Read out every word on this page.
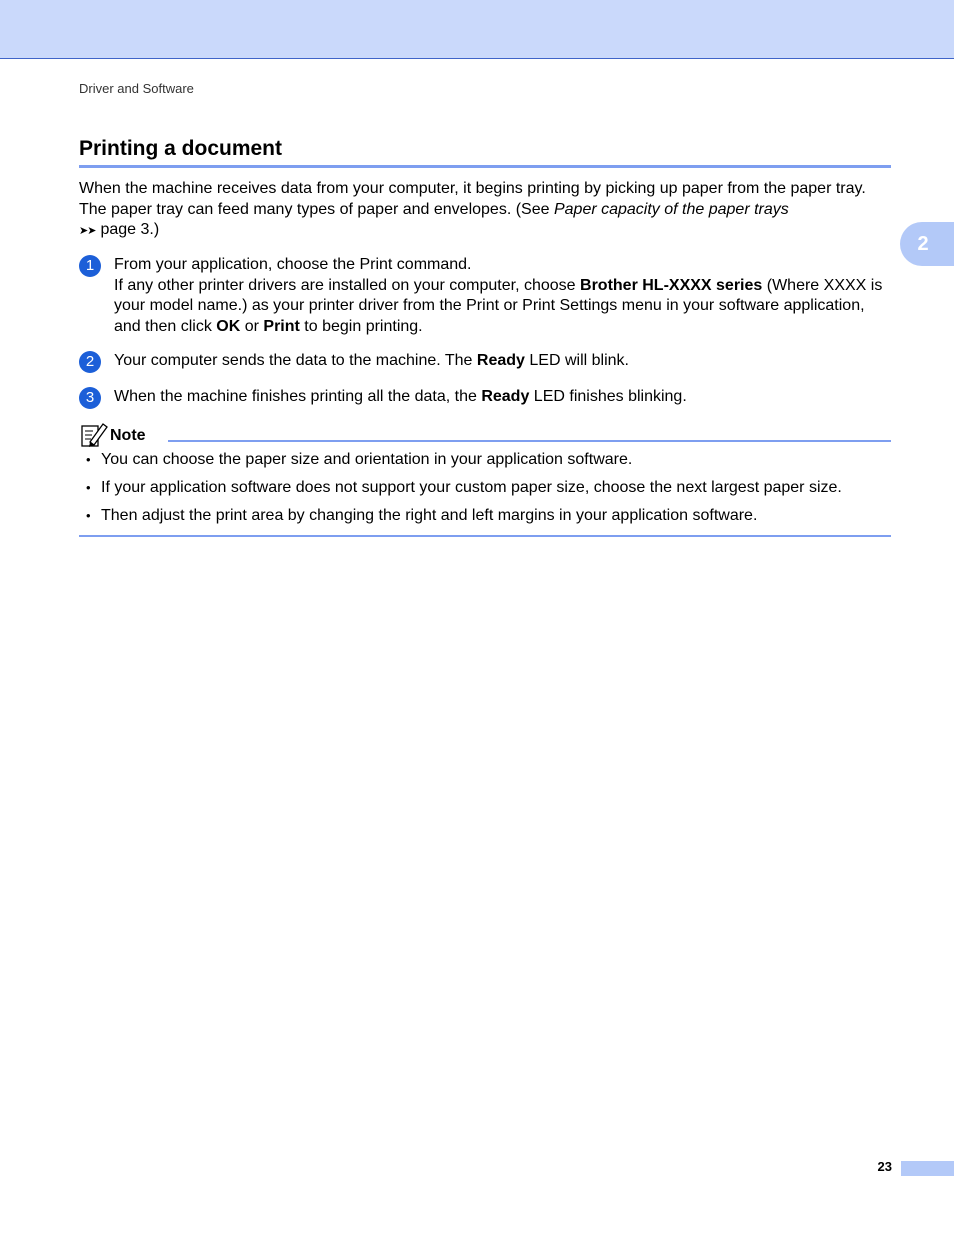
Driver and Software
Printing a document
2

When the machine receives data from your computer, it begins printing by picking up paper from the paper tray. The paper tray can feed many types of paper and envelopes. (See Paper capacity of the paper trays
➤➤ page 3.)

1 From your application, choose the Print command.
If any other printer drivers are installed on your computer, choose Brother HL-XXXX series (Where XXXX is your model name.) as your printer driver from the Print or Print Settings menu in your software application, and then click OK or Print to begin printing.
2 Your computer sends the data to the machine. The Ready LED will blink.
3 When the machine finishes printing all the data, the Ready LED finishes blinking.
Note
• You can choose the paper size and orientation in your application software.
• If your application software does not support your custom paper size, choose the next largest paper size.
• Then adjust the print area by changing the right and left margins in your application software.
23
